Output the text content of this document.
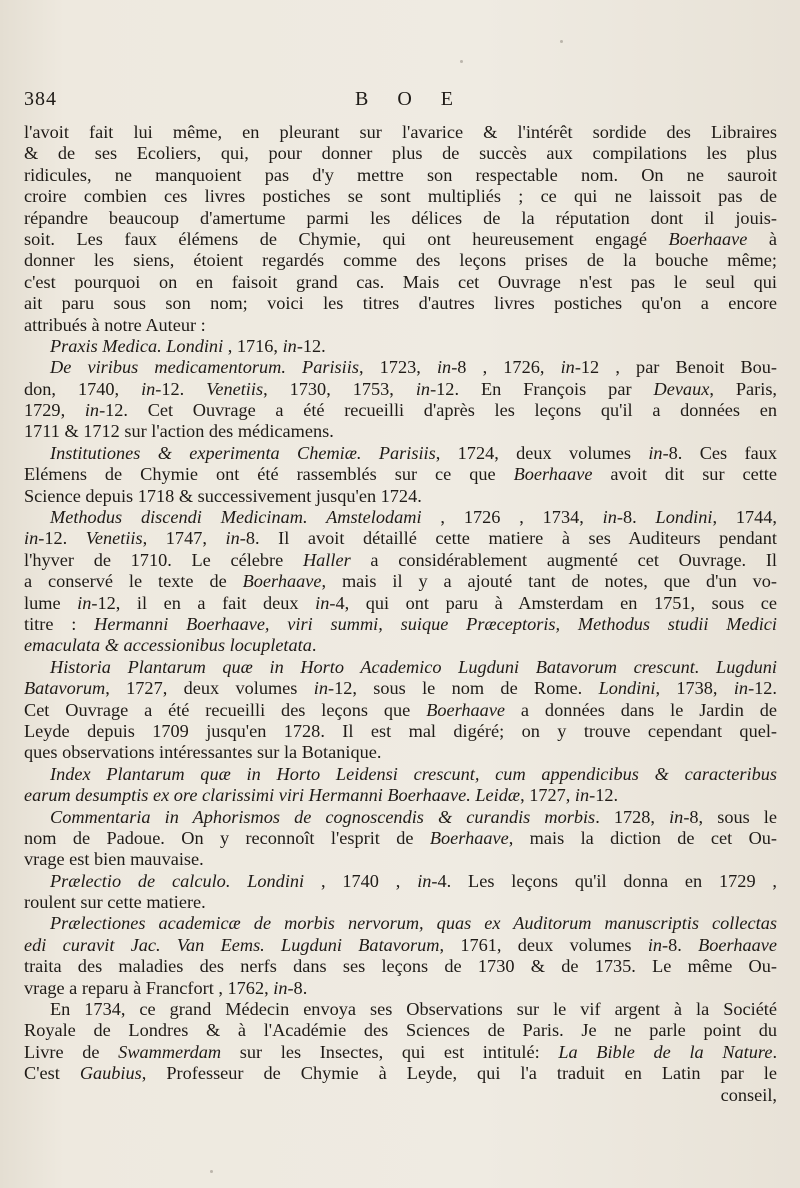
384	B O E
l'avoit fait lui même, en pleurant sur l'avarice & l'intérêt sordide des Libraires
& de ses Ecoliers, qui, pour donner plus de succès aux compilations les plus
ridicules, ne manquoient pas d'y mettre son respectable nom. On ne sauroit
croire combien ces livres postiches se sont multipliés ; ce qui ne laissoit pas de
répandre beaucoup d'amertume parmi les délices de la réputation dont il jouis-
soit. Les faux élémens de Chymie, qui ont heureusement engagé Boerhaave à
donner les siens, étoient regardés comme des leçons prises de la bouche même;
c'est pourquoi on en faisoit grand cas. Mais cet Ouvrage n'est pas le seul qui
ait paru sous son nom; voici les titres d'autres livres postiches qu'on a encore
attribués à notre Auteur :
Praxis Medica. Londini , 1716, in-12.
De viribus medicamentorum. Parisiis, 1723, in-8 , 1726, in-12 , par Benoit Bou-
don, 1740, in-12. Venetiis, 1730, 1753, in-12. En François par Devaux, Paris,
1729, in-12. Cet Ouvrage a été recueilli d'après les leçons qu'il a données en
1711 & 1712 sur l'action des médicamens.
Institutiones & experimenta Chemiæ. Parisiis, 1724, deux volumes in-8. Ces faux
Elémens de Chymie ont été rassemblés sur ce que Boerhaave avoit dit sur cette
Science depuis 1718 & successivement jusqu'en 1724.
Methodus discendi Medicinam. Amstelodami , 1726 , 1734, in-8. Londini, 1744,
in-12. Venetiis, 1747, in-8. Il avoit détaillé cette matiere à ses Auditeurs pendant
l'hyver de 1710. Le célebre Haller a considérablement augmenté cet Ouvrage. Il
a conservé le texte de Boerhaave, mais il y a ajouté tant de notes, que d'un vo-
lume in-12, il en a fait deux in-4, qui ont paru à Amsterdam en 1751, sous ce
titre : Hermanni Boerhaave, viri summi, suique Præceptoris, Methodus studii Medici
emaculata & accessionibus locupletata.
Historia Plantarum quæ in Horto Academico Lugduni Batavorum crescunt. Lugduni
Batavorum, 1727, deux volumes in-12, sous le nom de Rome. Londini, 1738, in-12.
Cet Ouvrage a été recueilli des leçons que Boerhaave a données dans le Jardin de
Leyde depuis 1709 jusqu'en 1728. Il est mal digéré; on y trouve cependant quel-
ques observations intéressantes sur la Botanique.
Index Plantarum quæ in Horto Leidensi crescunt, cum appendicibus & caracteribus
earum desumptis ex ore clarissimi viri Hermanni Boerhaave. Leidæ, 1727, in-12.
Commentaria in Aphorismos de cognoscendis & curandis morbis. 1728, in-8, sous le
nom de Padoue. On y reconnoît l'esprit de Boerhaave, mais la diction de cet Ou-
vrage est bien mauvaise.
Prælectio de calculo. Londini , 1740 , in-4. Les leçons qu'il donna en 1729 ,
roulent sur cette matiere.
Prælectiones academicæ de morbis nervorum, quas ex Auditorum manuscriptis collectas
edi curavit Jac. Van Eems. Lugduni Batavorum, 1761, deux volumes in-8. Boerhaave
traita des maladies des nerfs dans ses leçons de 1730 & de 1735. Le même Ou-
vrage a reparu à Francfort , 1762, in-8.
En 1734, ce grand Médecin envoya ses Observations sur le vif argent à la Société
Royale de Londres & à l'Académie des Sciences de Paris. Je ne parle point du
Livre de Swammerdam sur les Insectes, qui est intitulé: La Bible de la Nature.
C'est Gaubius, Professeur de Chymie à Leyde, qui l'a traduit en Latin par le
conseil,
